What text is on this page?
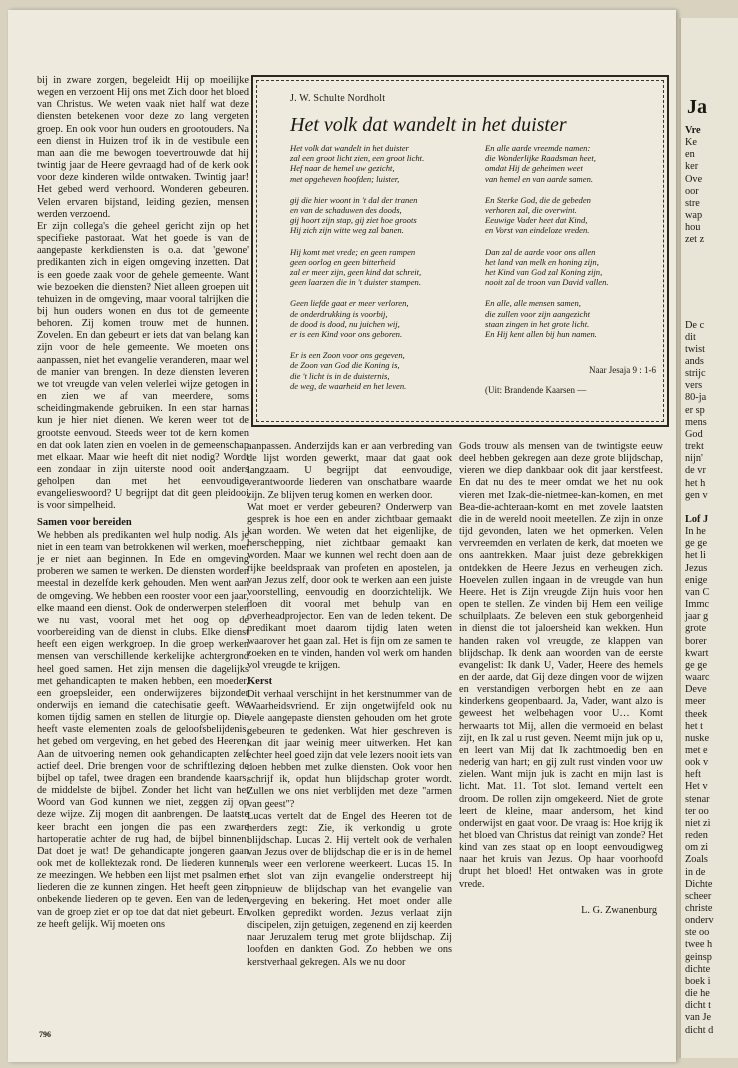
bij in zware zorgen, begeleidt Hij op moeilijke wegen en verzoent Hij ons met Zich door het bloed van Christus. We weten vaak niet half wat deze diensten betekenen voor deze zo lang vergeten groep. En ook voor hun ouders en grootouders. Na een dienst in Huizen trof ik in de vestibule een man aan die me bewogen toevertrouwde dat hij twintig jaar de Heere gevraagd had of de kerk ook voor deze kinderen wilde ontwaken. Twintig jaar! Het gebed werd verhoord. Wonderen gebeuren. Velen ervaren bijstand, leiding gezien, mensen werden verzoend.

Er zijn collega's die geheel gericht zijn op het specifieke pastoraat. Wat het goede is van de aangepaste kerkdiensten is o.a. dat 'gewone' predikanten zich in eigen omgeving inzetten. Dat is een goede zaak voor de gehele gemeente. Want wie bezoeken die diensten? Niet alleen groepen uit tehuizen in de omgeving, maar vooral talrijken die bij hun ouders wonen en dus tot de gemeente behoren. Zij komen trouw met de hunnen. Zovelen. En dan gebeurt er iets dat van belang kan zijn voor de hele gemeente. We moeten ons aanpassen, niet het evangelie veranderen, maar wel de manier van brengen. In deze diensten leveren we tot vreugde van velen velerlei wijze getogen in en zien we af van meerdere, soms scheidingmakende gebruiken. In een star harnas kun je hier niet dienen. We keren weer tot de grootste eenvoud. Steeds weer tot de kern komen en dat ook laten zien en voelen in de gemeenschap met elkaar. Maar wie heeft dit niet nodig? Wordt een zondaar in zijn uiterste nood ooit anders geholpen dan met het eenvoudige evangelieswoord? U begrijpt dat dit geen pleidooi is voor simpelheid.

Samen voor bereiden

We hebben als predikanten wel hulp nodig. Als je niet in een team van betrokkenen wil werken, moet je er niet aan beginnen. In Ede en omgeving proberen we samen te werken. De diensten worden meestal in dezelfde kerk gehouden. Men went aan de omgeving. We hebben een rooster voor een jaar, elke maand een dienst. Ook de onderwerpen stelen we nu vast, vooral met het oog op de voorbereiding van de dienst in clubs. Elke dienst heeft een eigen werkgroep. In die groep werken mensen van verschillende kerkelijke achtergrond heel goed samen. Het zijn mensen die dagelijks met gehandicapten te maken hebben, een moeder, een groepsleider, een onderwijzeres bijzonder onderwijs en iemand die catechisatie geeft. We komen tijdig samen en stellen de liturgie op. Die heeft vaste elementen zoals de geloofsbelijdenis, het gebed om vergeving, en het gebed des Heeren. Aan de uitvoering nemen ook gehandicapten zelf actief deel. Drie brengen voor de schriftlezing de bijbel op tafel, twee dragen een brandende kaars, de middelste de bijbel. Zonder het licht van het Woord van God kunnen we niet, zeggen zij op deze wijze. Zij mogen dit aanbrengen. De laatste keer bracht een jongen die pas een zware hartoperatie achter de rug had, de bijbel binnen. Dat doet je wat! De gehandicapte jongeren gaan ook met de kollektezak rond. De liederen kunnen ze meezingen. We hebben een lijst met psalmen en liederen die ze kunnen zingen. Het heeft geen zin onbekende liederen op te geven. Een van de leden van de groep ziet er op toe dat dat niet gebeurt. En ze heeft gelijk. Wij moeten ons

J. W. Schulte Nordholt
Het volk dat wandelt in het duister
Het volk dat wandelt in het duister
zal een groot licht zien, een groot licht.
Hef naar de hemel uw gezicht,
met opgeheven hoofden; luister,
gij die hier woont in 't dal der tranen
en van de schaduwen des doods,
gij hoort zijn stap, gij ziet hoe groots
Hij zich zijn witte weg zal banen.
Hij komt met vrede; en geen rampen
geen oorlog en geen bitterheid
zal er meer zijn, geen kind dat schreit,
geen laarzen die in 't duister stampen.
Geen liefde gaat er meer verloren,
de onderdrukking is voorbij,
de dood is dood, nu juichen wij,
er is een Kind voor ons geboren.
Er is een Zoon voor ons gegeven,
de Zoon van God die Koning is,
die 't licht is in de duisternis,
de weg, de waarheid en het leven.
En alle aarde vreemde namen:
die Wonderlijke Raadsman heet,
omdat Hij de geheimen weet
van hemel en van aarde samen.
En Sterke God, die de gebeden
verhoren zal, die overwint.
Eeuwige Vader heet dat Kind,
en Vorst van eindeloze vreden.
Dan zal de aarde voor ons allen
het land van melk en honing zijn,
het Kind van God zal Koning zijn,
nooit zal de troon van David vallen.
En alle, alle mensen samen,
die zullen voor zijn aangezicht
staan zingen in het grote licht.
En Hij kent allen bij hun namen.
Naar Jesaja 9 : 1-6
(Uit: Brandende Kaarsen —

aanpassen. Anderzijds kan er aan verbreding van de lijst worden gewerkt, maar dat gaat ook langzaam. U begrijpt dat eenvoudige, verantwoorde liederen van onschatbare waarde zijn. Ze blijven terug komen en werken door.

Wat moet er verder gebeuren? Onderwerp van gesprek is hoe een en ander zichtbaar gemaakt kan worden. We weten dat het eigenlijke, de herschepping, niet zichtbaar gemaakt kan worden. Maar we kunnen wel recht doen aan de rijke beeldspraak van profeten en apostelen, ja van Jezus zelf, door ook te werken aan een juiste voorstelling, eenvoudig en doorzichtelijk. We doen dit vooral met behulp van en overheadprojector. Een van de leden tekent. De predikant moet daarom tijdig laten weten waarover het gaan zal. Het is fijn om ze samen te zoeken en te vinden, handen vol werk om handen vol vreugde te krijgen.

Kerst

Dit verhaal verschijnt in het kerstnummer van de Waarheidsvriend. Er zijn ongetwijfeld ook nu vele aangepaste diensten gehouden om het grote gebeuren te gedenken. Wat hier geschreven is kan dit jaar weinig meer uitwerken. Het kan echter heel goed zijn dat vele lezers nooit iets van doen hebben met zulke diensten. Ook voor hen schrijf ik, opdat hun blijdschap groter wordt. Zullen we ons niet verblijden met deze "armen van geest"?

Lucas vertelt dat de Engel des Heeren tot de herders zegt: Zie, ik verkondig u grote blijdschap. Lucas 2. Hij vertelt ook de verhalen van Jezus over de blijdschap die er is in de hemel als weer een verlorene weerkeert. Lucas 15. In het slot van zijn evangelie onderstreept hij opnieuw de blijdschap van het evangelie van vergeving en bekering. Het moet onder alle volken gepredikt worden. Jezus verlaat zijn discipelen, zijn getuigen, zegenend en zij keerden naar Jeruzalem terug met grote blijdschap. Zij loofden en dankten God. Zo hebben we ons kerstverhaal gekregen. Als we nu door

Gods trouw als mensen van de twintigste eeuw deel hebben gekregen aan deze grote blijdschap, vieren we diep dankbaar ook dit jaar kerstfeest. En dat nu des te meer omdat we het nu ook vieren met Izak-die-nietmee-kan-komen, en met Bea-die-achteraan-komt en met zovele laatsten die in de wereld nooit meetellen. Ze zijn in onze tijd gevonden, laten we het opmerken. Velen vervreemden en verlaten de kerk, dat moeten we ons aantrekken. Maar juist deze gebrekkigen ontdekken de Heere Jezus en verheugen zich. Hoevelen zullen ingaan in de vreugde van hun Heere. Het is Zijn vreugde Zijn huis voor hen open te stellen. Ze vinden bij Hem een veilige schuilplaats. Ze beleven een stuk geborgenheid in dienst die tot jaloersheid kan wekken. Hun handen raken vol vreugde, ze klappen van blijdschap. Ik denk aan woorden van de eerste evangelist: Ik dank U, Vader, Heere des hemels en der aarde, dat Gij deze dingen voor de wijzen en verstandigen verborgen hebt en ze aan kinderkens geopenbaard. Ja, Vader, want alzo is geweest het welbehagen voor U… Komt herwaarts tot Mij, allen die vermoeid en belast zijt, en Ik zal u rust geven. Neemt mijn juk op u, en leert van Mij dat Ik zachtmoedig ben en nederig van hart; en gij zult rust vinden voor uw zielen. Want mijn juk is zacht en mijn last is licht. Mat. 11. Tot slot. Iemand vertelt een droom. De rollen zijn omgekeerd. Niet de grote leert de kleine, maar andersom, het kind onderwijst en gaat voor. De vraag is: Hoe krijg ik het bloed van Christus dat reinigt van zonde? Het kind van zes staat op en loopt eenvoudigweg naar het kruis van Jezus. Op haar voorhoofd drupt het bloed! Het ontwaken was in grote vrede.

L. G. Zwanenburg
796
Ja
Vre
Ke
en
ker
Ove
oor
stre
wap
hou
zet z

De c
dit
twist
ands
strijc
vers
80-ja
er sp
mens
God
trekt
nijn'
de vr
het h
gen v

Lof J
In he
ge ge
het li
Jezus
enige
van C
Immc
jaar g
grote
borer
kwart
ge ge
waarc
Deve
meer
theek
het t
nuske
met e
ook v
heft
Het v
stenar
ter oo
niet zi
reden
om zi
Zoals
in de
Dichte
scheer
christe
onderv
ste oo
twee h
geinsp
dichte
boek i
die he
dicht t
van Je
dicht d
